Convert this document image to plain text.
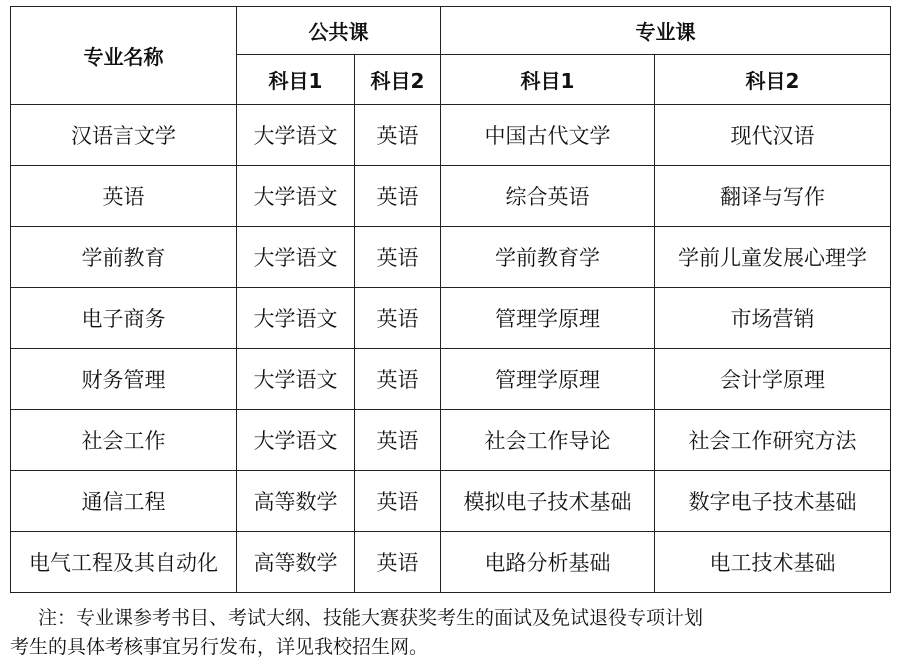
专业名称	公共课		专业课	
	科目1	科目2	科目1	科目2
汉语言文学	大学语文	英语	中国古代文学	现代汉语
英语	大学语文	英语	综合英语	翻译与写作
学前教育	大学语文	英语	学前教育学	学前儿童发展心理学
电子商务	大学语文	英语	管理学原理	市场营销
财务管理	大学语文	英语	管理学原理	会计学原理
社会工作	大学语文	英语	社会工作导论	社会工作研究方法
通信工程	高等数学	英语	模拟电子技术基础	数字电子技术基础
电气工程及其自动化	高等数学	英语	电路分析基础	电工技术基础
注：专业课参考书目、考试大纲、技能大赛获奖考生的面试及免试退役专项计划
考生的具体考核事宜另行发布，详见我校招生网。
